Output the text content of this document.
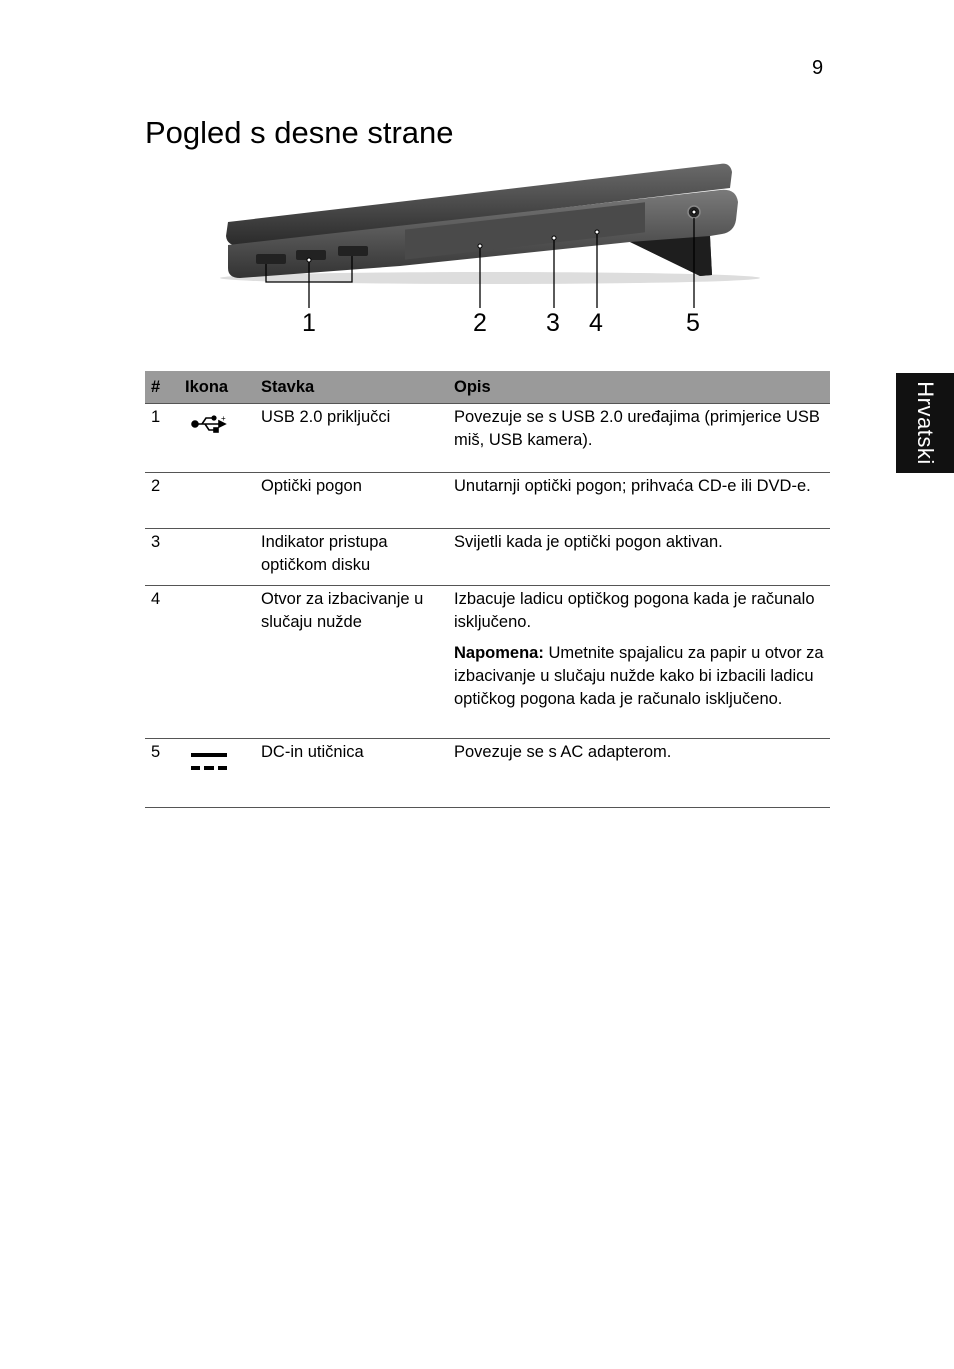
9
Pogled s desne strane
Hrvatski
1	2 3 4	5
#	Ikona	Stavka	Opis
1	+	USB 2.0 priključci	Povezuje se s USB 2.0 uređajima (primjerice USB miš, USB kamera).
2		Optički pogon	Unutarnji optički pogon; prihvaća CD-e ili DVD-e.
3		Indikator pristupa optičkom disku	Svijetli kada je optički pogon aktivan.
4		Otvor za izbacivanje u slučaju nužde	Izbacuje ladicu optičkog pogona kada je računalo isključeno.

Napomena: Umetnite spajalicu za papir u otvor za izbacivanje u slučaju nužde kako bi izbacili ladicu optičkog pogona kada je računalo isključeno.

5		DC-in utičnica	Povezuje se s AC adapterom.
